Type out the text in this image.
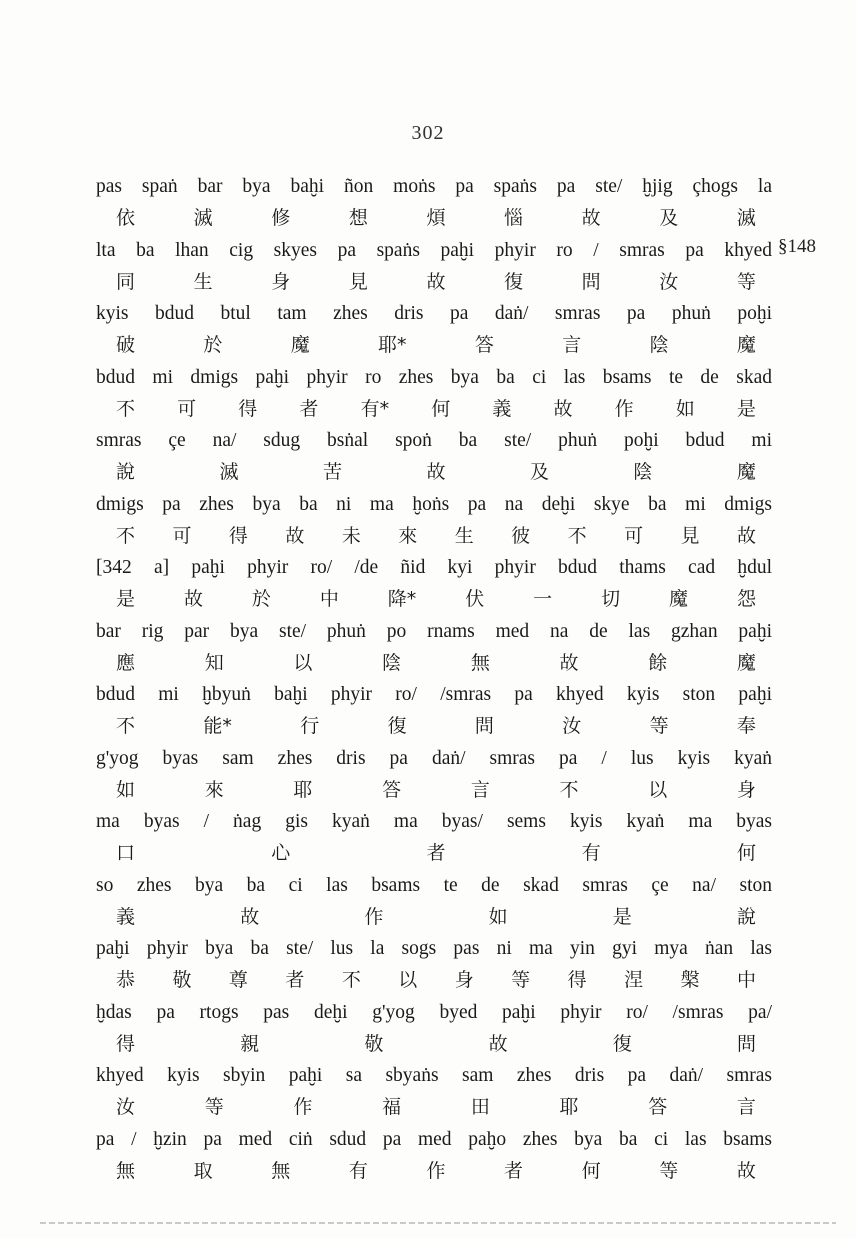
302
§148
pas spaṅ bar bya baḫi ñon moṅs pa spaṅs pa ste/ ḫjig çhogs la
依	滅	修	想	煩	惱	故	及	滅
lta ba lhan cig skyes pa spaṅs paḫi phyir ro / smras pa khyed
同	生	身	見	故	復	問	汝	等
kyis bdud btul tam zhes dris pa daṅ/ smras pa phuṅ poḫi
破	於	魔	耶*	答	言	陰	魔
bdud mi dmigs paḫi phyir ro zhes bya ba ci las bsams te de skad
不 可 得 者 有* 何 義 故 作 如 是
smras çe na/ sdug bsṅal spoṅ ba ste/ phuṅ poḫi bdud mi
說	滅	苦	故	及	陰	魔
dmigs pa zhes bya ba ni ma ḫoṅs pa na deḫi skye ba mi dmigs
不 可 得 故 未 來 生 彼 不 可 見 故
[342 a] paḫi phyir ro/ /de ñid kyi phyir bdud thams cad ḫdul
是	故	於	中	降*	伏	一	切	魔	怨
bar rig par bya ste/ phuṅ po rnams med na de las gzhan paḫi
應	知	以	陰	無	故	餘	魔
bdud mi ḫbyuṅ baḫi phyir ro/ /smras pa khyed kyis ston paḫi
不	能*	行	復	問	汝	等	奉
g'yog byas sam zhes dris pa daṅ/ smras pa / lus kyis kyaṅ
如	來	耶	答	言	不	以	身
ma byas / ṅag gis kyaṅ ma byas/ sems kyis kyaṅ ma byas
口	心	者	有	何
so zhes bya ba ci las bsams te de skad smras çe na/ ston
義	故	作	如	是	說
paḫi phyir bya ba ste/ lus la sogs pas ni ma yin gyi mya ṅan las
恭 敬 尊 者 不 以 身 等 得 涅 槃 中
ḫdas pa rtogs pas deḫi g'yog byed paḫi phyir ro/ /smras pa/
得	親	敬	故	復	問
khyed kyis sbyin paḫi sa sbyaṅs sam zhes dris pa daṅ/ smras
汝	等	作	福	田	耶	答	言
pa / ḫzin pa med ciṅ sdud pa med paḫo zhes bya ba ci las bsams
無	取	無	有	作	者	何	等	故
